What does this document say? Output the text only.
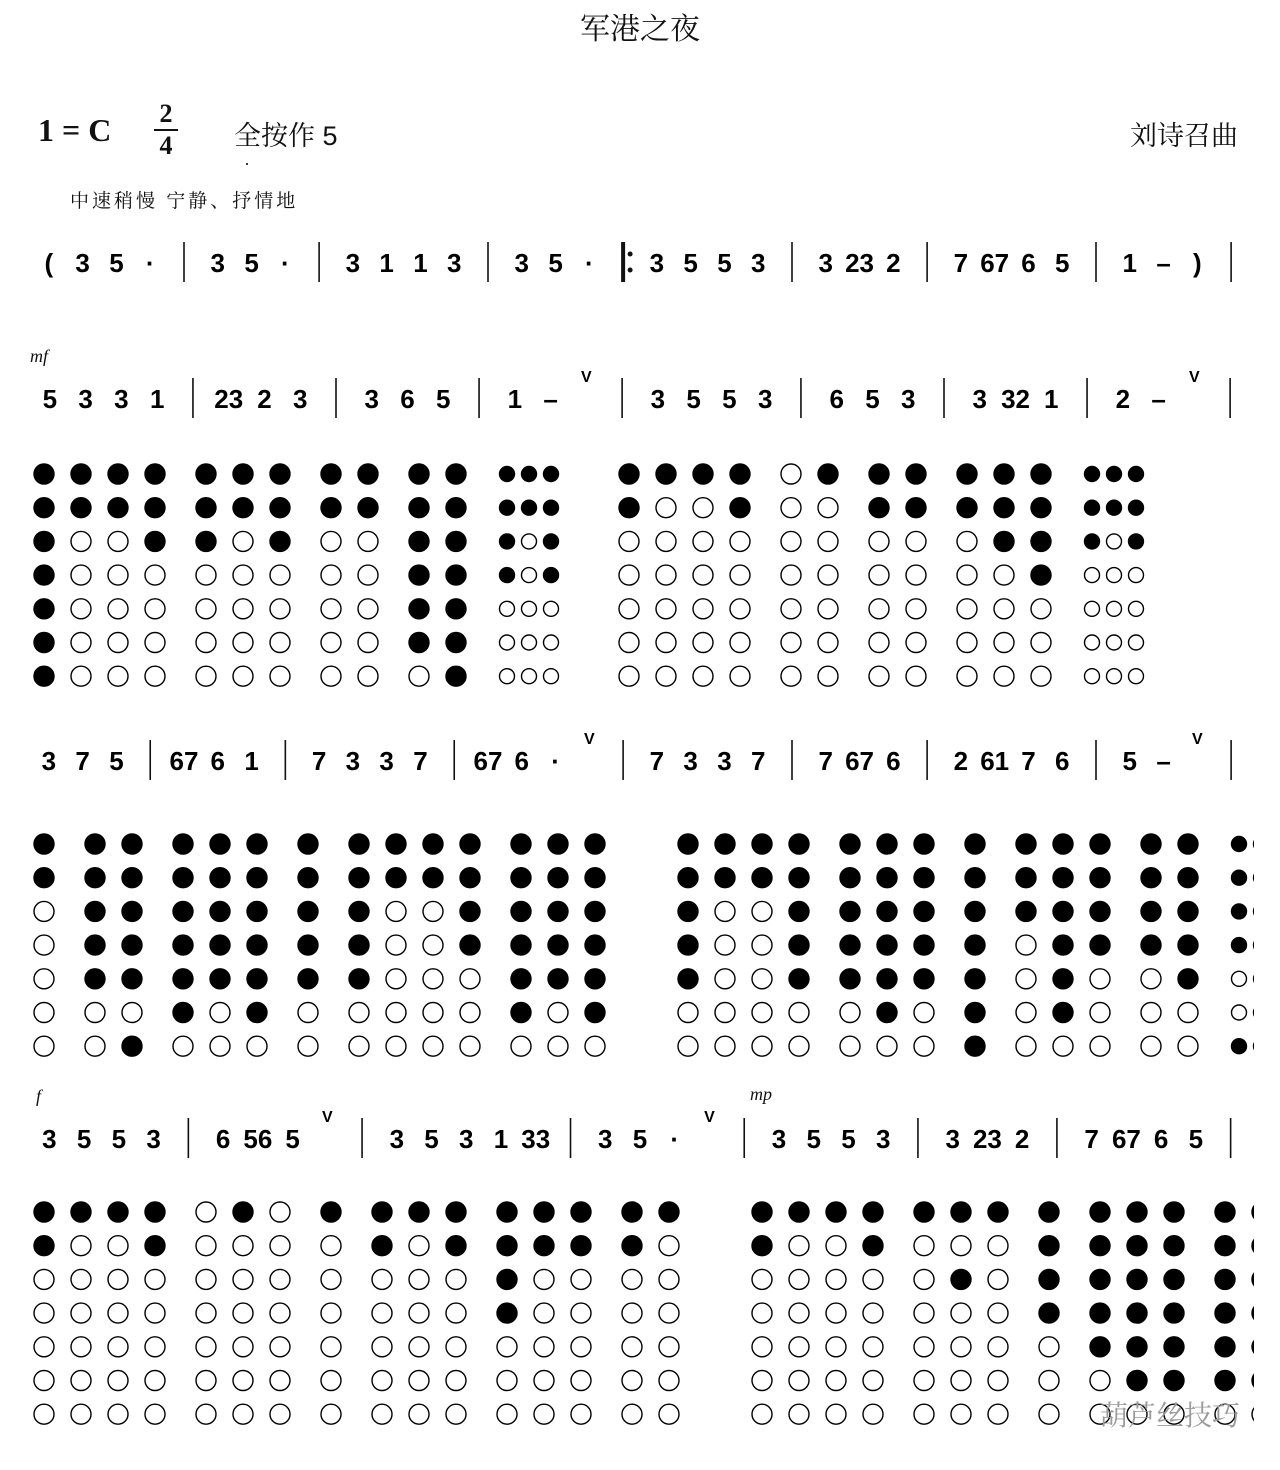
军港之夜
1 = C 2
4 全按作 5
·
刘诗召曲
中速稍慢 宁静、抒情地
mf
f	mp
( 3 5 · 3 5 · 3 1 1 3 3 5 · 3 5 5 3 3 23 2 7 67 6 5 1 – )
5 3 3 1 23 2 3 3 6 5 1 –
V
3 5 5 3 6 5 3 3 32 1 2 –
V
3 7 5 67 6 1 7 3 3 7 67 6 ·
V
7 3 3 7 7 67 6 2 61 7 6 5 –
V
3 5 5 3 6 56 5
V
3 5 3 1 33 3 5 ·
V
3 5 5 3 3 23 2 7 67 6 5
葫芦丝技巧
